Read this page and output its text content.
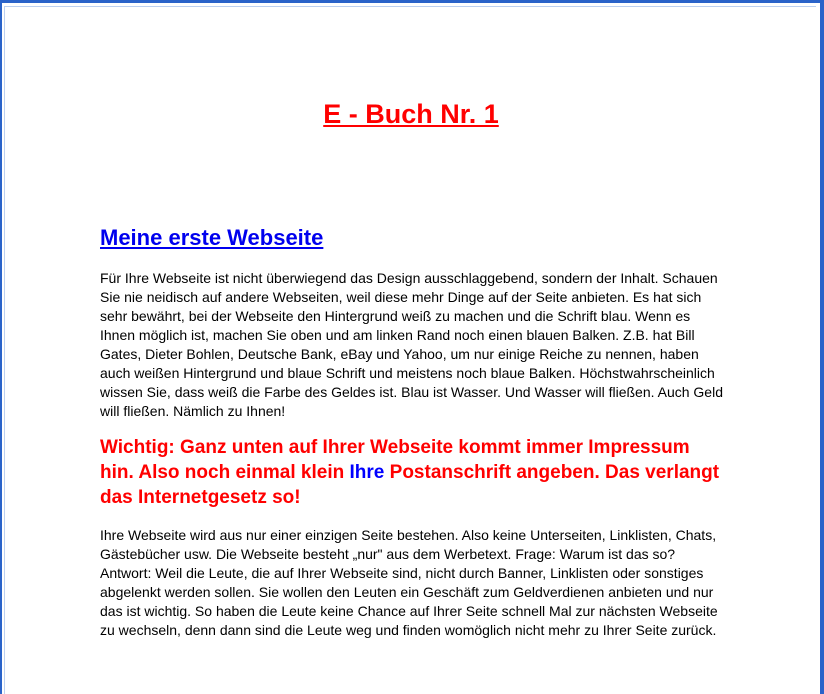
E - Buch Nr. 1
Meine erste Webseite

Für Ihre Webseite ist nicht überwiegend das Design ausschlaggebend, sondern der Inhalt. Schauen Sie nie neidisch auf andere Webseiten, weil diese mehr Dinge auf der Seite anbieten. Es hat sich sehr bewährt, bei der Webseite den Hintergrund weiß zu machen und die Schrift blau. Wenn es Ihnen möglich ist, machen Sie oben und am linken Rand noch einen blauen Balken. Z.B. hat Bill Gates, Dieter Bohlen, Deutsche Bank, eBay und Yahoo, um nur einige Reiche zu nennen, haben auch weißen Hintergrund und blaue Schrift und meistens noch blaue Balken. Höchstwahrscheinlich wissen Sie, dass weiß die Farbe des Geldes ist. Blau ist Wasser. Und Wasser will fließen. Auch Geld will fließen. Nämlich zu Ihnen!

Wichtig: Ganz unten auf Ihrer Webseite kommt immer Impressum hin. Also noch einmal klein Ihre Postanschrift angeben. Das verlangt das Internetgesetz so!

Ihre Webseite wird aus nur einer einzigen Seite bestehen. Also keine Unterseiten, Linklisten, Chats, Gästebücher usw. Die Webseite besteht „nur" aus dem Werbetext. Frage: Warum ist das so? Antwort: Weil die Leute, die auf Ihrer Webseite sind, nicht durch Banner, Linklisten oder sonstiges abgelenkt werden sollen. Sie wollen den Leuten ein Geschäft zum Geldverdienen anbieten und nur das ist wichtig. So haben die Leute keine Chance auf Ihrer Seite schnell Mal zur nächsten Webseite zu wechseln, denn dann sind die Leute weg und finden womöglich nicht mehr zu Ihrer Seite zurück.
